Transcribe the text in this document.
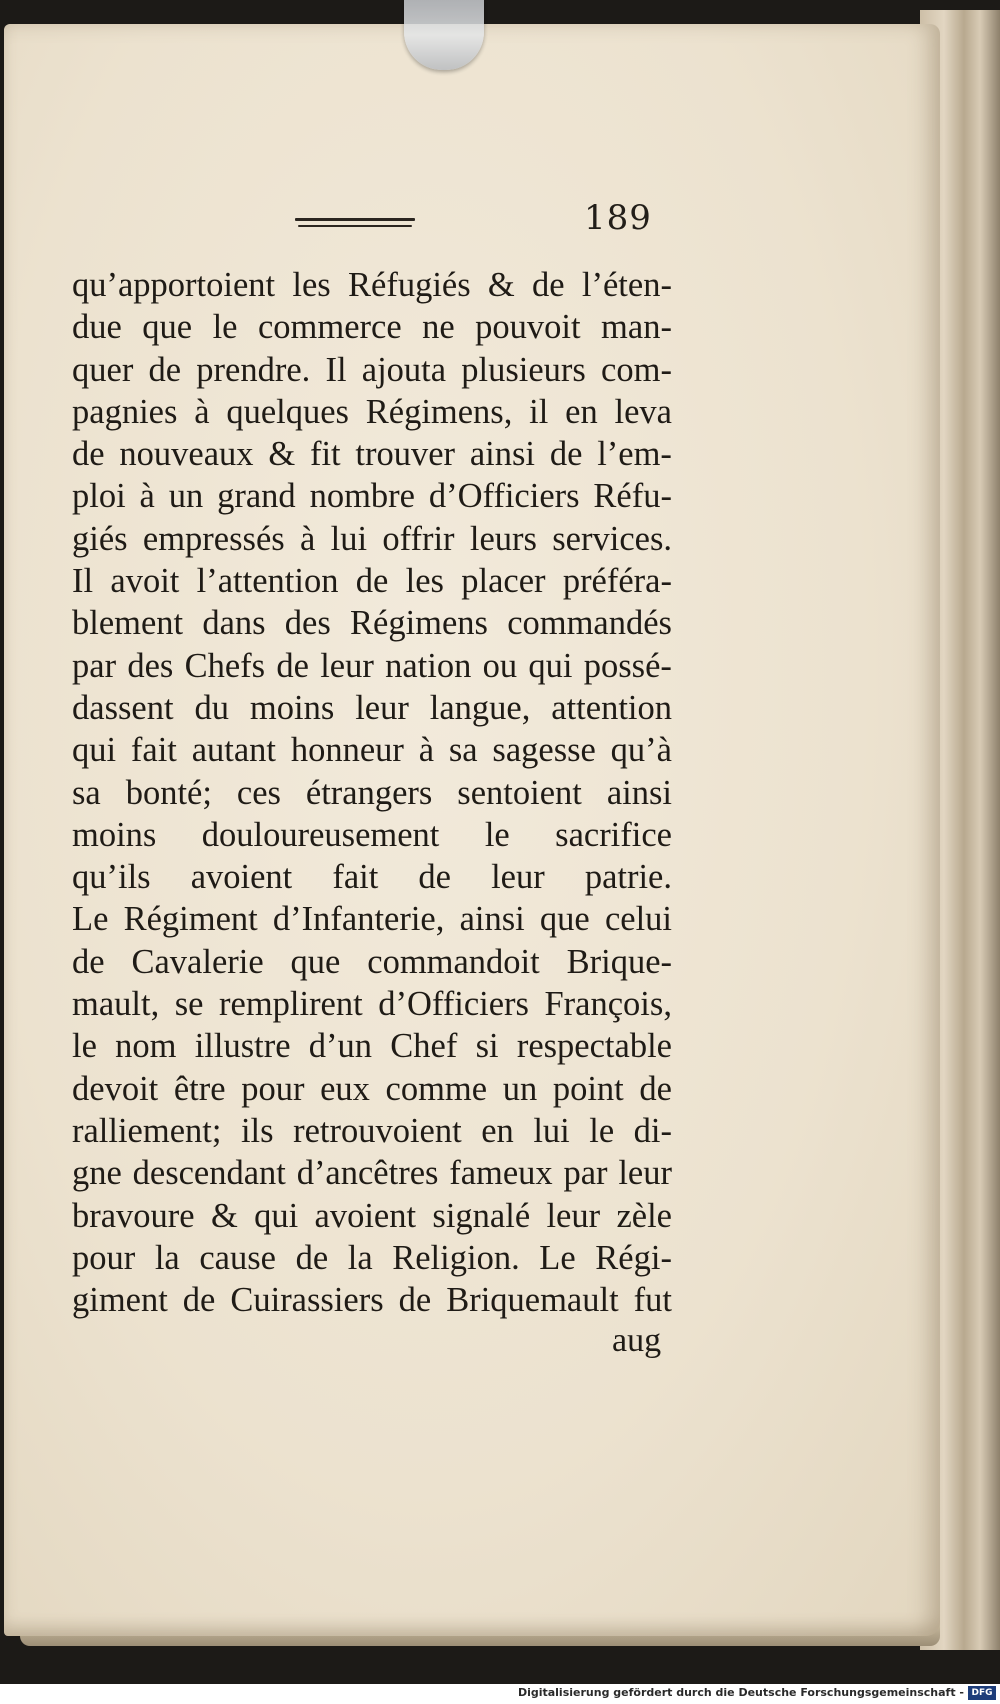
189
qu’apportoient les Réfugiés & de l’éten-
due que le commerce ne pouvoit man-
quer de prendre. Il ajouta plusieurs com-
pagnies à quelques Régimens, il en leva
de nouveaux & fit trouver ainsi de l’em-
ploi à un grand nombre d’Officiers Réfu-
giés empressés à lui offrir leurs services.
Il avoit l’attention de les placer préféra-
blement dans des Régimens commandés
par des Chefs de leur nation ou qui possé-
dassent du moins leur langue, attention
qui fait autant honneur à sa sagesse qu’à
sa bonté; ces étrangers sentoient ainsi
moins douloureusement le sacrifice
qu’ils avoient fait de leur patrie.
Le Régiment d’Infanterie, ainsi que celui
de Cavalerie que commandoit Brique-
mault, se remplirent d’Officiers François,
le nom illustre d’un Chef si respectable
devoit être pour eux comme un point de
ralliement; ils retrouvoient en lui le di-
gne descendant d’ancêtres fameux par leur
bravoure & qui avoient signalé leur zèle
pour la cause de la Religion. Le Régi-
giment de Cuirassiers de Briquemault fut
aug
Digitalisierung gefördert durch die Deutsche Forschungsgemeinschaft - DFG
